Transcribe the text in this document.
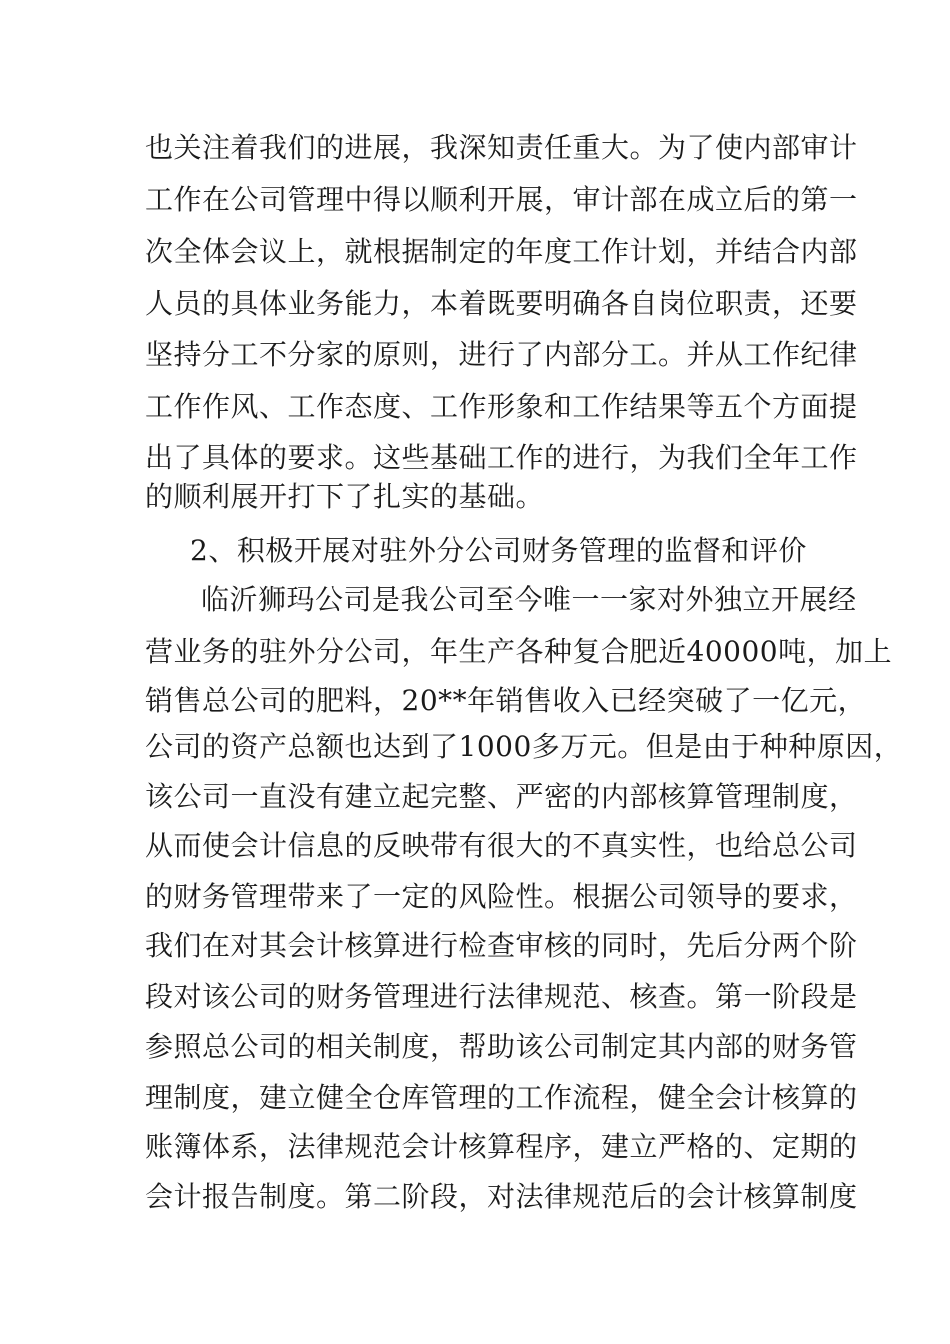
也关注着我们的进展，我深知责任重大。为了使内部审计
工作在公司管理中得以顺利开展，审计部在成立后的第一
次全体会议上，就根据制定的年度工作计划，并结合内部
人员的具体业务能力，本着既要明确各自岗位职责，还要
坚持分工不分家的原则，进行了内部分工。并从工作纪律
工作作风、工作态度、工作形象和工作结果等五个方面提
出了具体的要求。这些基础工作的进行，为我们全年工作
的顺利展开打下了扎实的基础。
2、积极开展对驻外分公司财务管理的监督和评价
临沂狮玛公司是我公司至今唯一一家对外独立开展经
营业务的驻外分公司，年生产各种复合肥近40000吨，加上
销售总公司的肥料，20**年销售收入已经突破了一亿元，
公司的资产总额也达到了1000多万元。但是由于种种原因，
该公司一直没有建立起完整、严密的内部核算管理制度，
从而使会计信息的反映带有很大的不真实性，也给总公司
的财务管理带来了一定的风险性。根据公司领导的要求，
我们在对其会计核算进行检查审核的同时，先后分两个阶
段对该公司的财务管理进行法律规范、核查。第一阶段是
参照总公司的相关制度，帮助该公司制定其内部的财务管
理制度，建立健全仓库管理的工作流程，健全会计核算的
账簿体系，法律规范会计核算程序，建立严格的、定期的
会计报告制度。第二阶段，对法律规范后的会计核算制度
